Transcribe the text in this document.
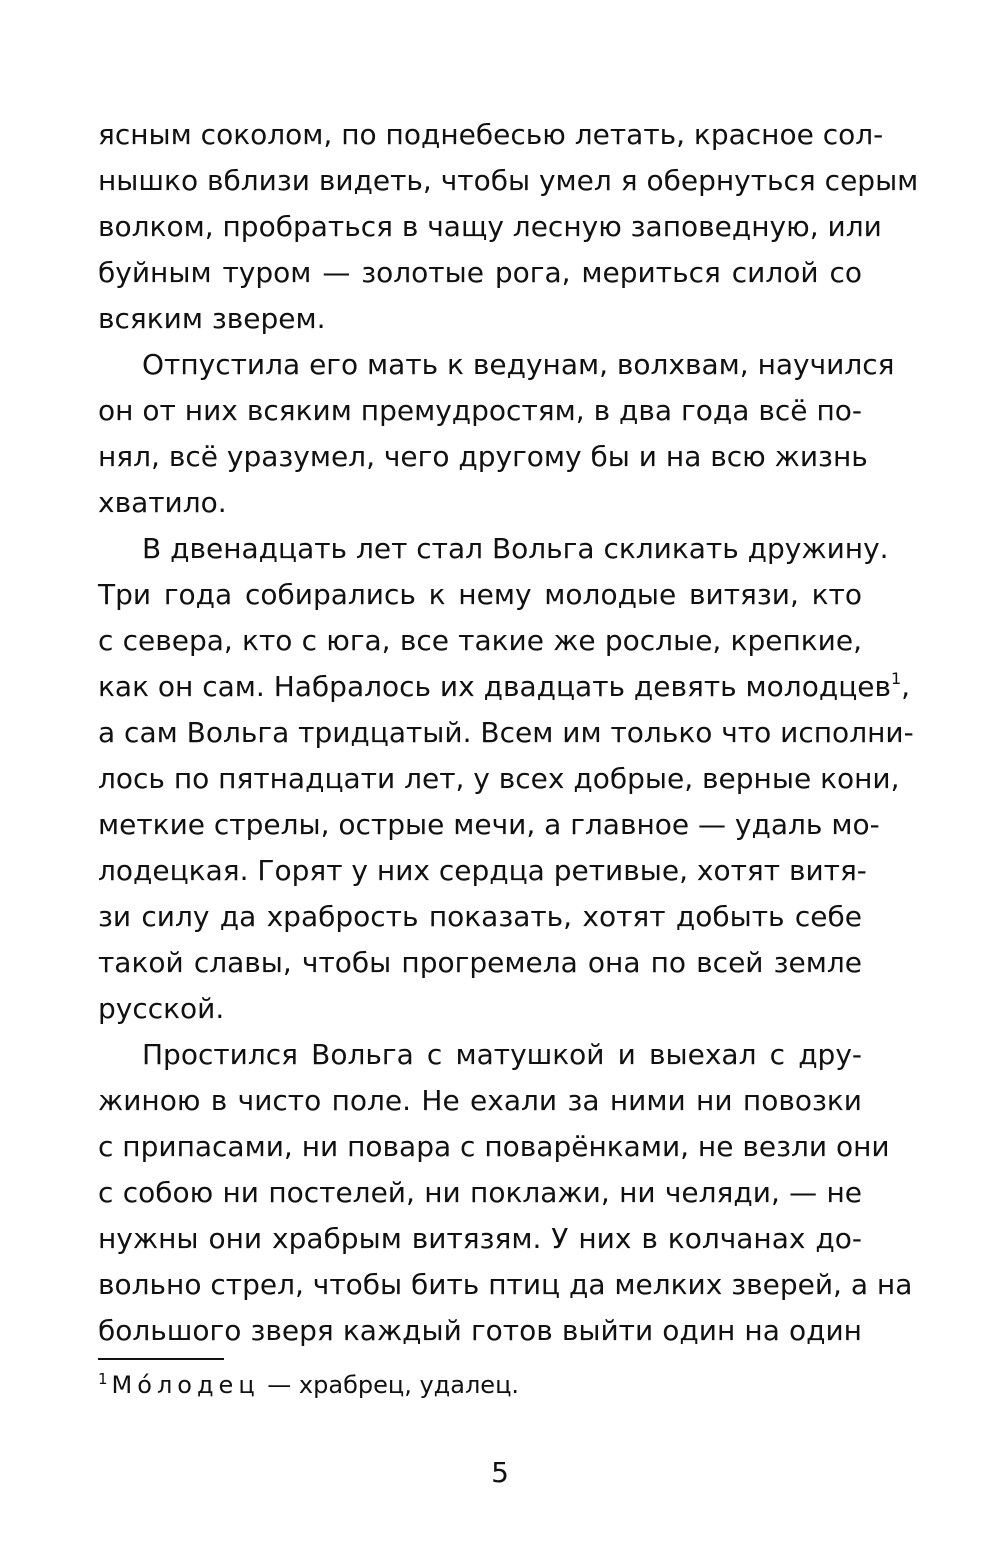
ясным соколом, по поднебесью летать, красное сол-
нышко вблизи видеть, чтобы умел я обернуться серым
волком, пробраться в чащу лесную заповедную, или
буйным туром — золотые рога, мериться силой со
всяким зверем.
Отпустила его мать к ведунам, волхвам, научился
он от них всяким премудростям, в два года всё по-
нял, всё уразумел, чего другому бы и на всю жизнь
хватило.
В двенадцать лет стал Вольга скликать дружину.
Три года собирались к нему молодые витязи, кто
с севера, кто с юга, все такие же рослые, крепкие,
как он сам. Набралось их двадцать девять молодцев$^1$,
а сам Вольга тридцатый. Всем им только что исполни-
лось по пятнадцати лет, у всех добрые, верные кони,
меткие стрелы, острые мечи, а главное — удаль мо-
лодецкая. Горят у них сердца ретивые, хотят витя-
зи силу да храбрость показать, хотят добыть себе
такой славы, чтобы прогремела она по всей земле
русской.
Простился Вольга с матушкой и выехал с дру-
жиною в чисто поле. Не ехали за ними ни повозки
с припасами, ни повара с поварёнками, не везли они
с собою ни постелей, ни поклажи, ни челяди, — не
нужны они храбрым витязям. У них в колчанах до-
вольно стрел, чтобы бить птиц да мелких зверей, а на
большого зверя каждый готов выйти один на один
$^1$ Мо́лодец — храбрец, удалец.
5
